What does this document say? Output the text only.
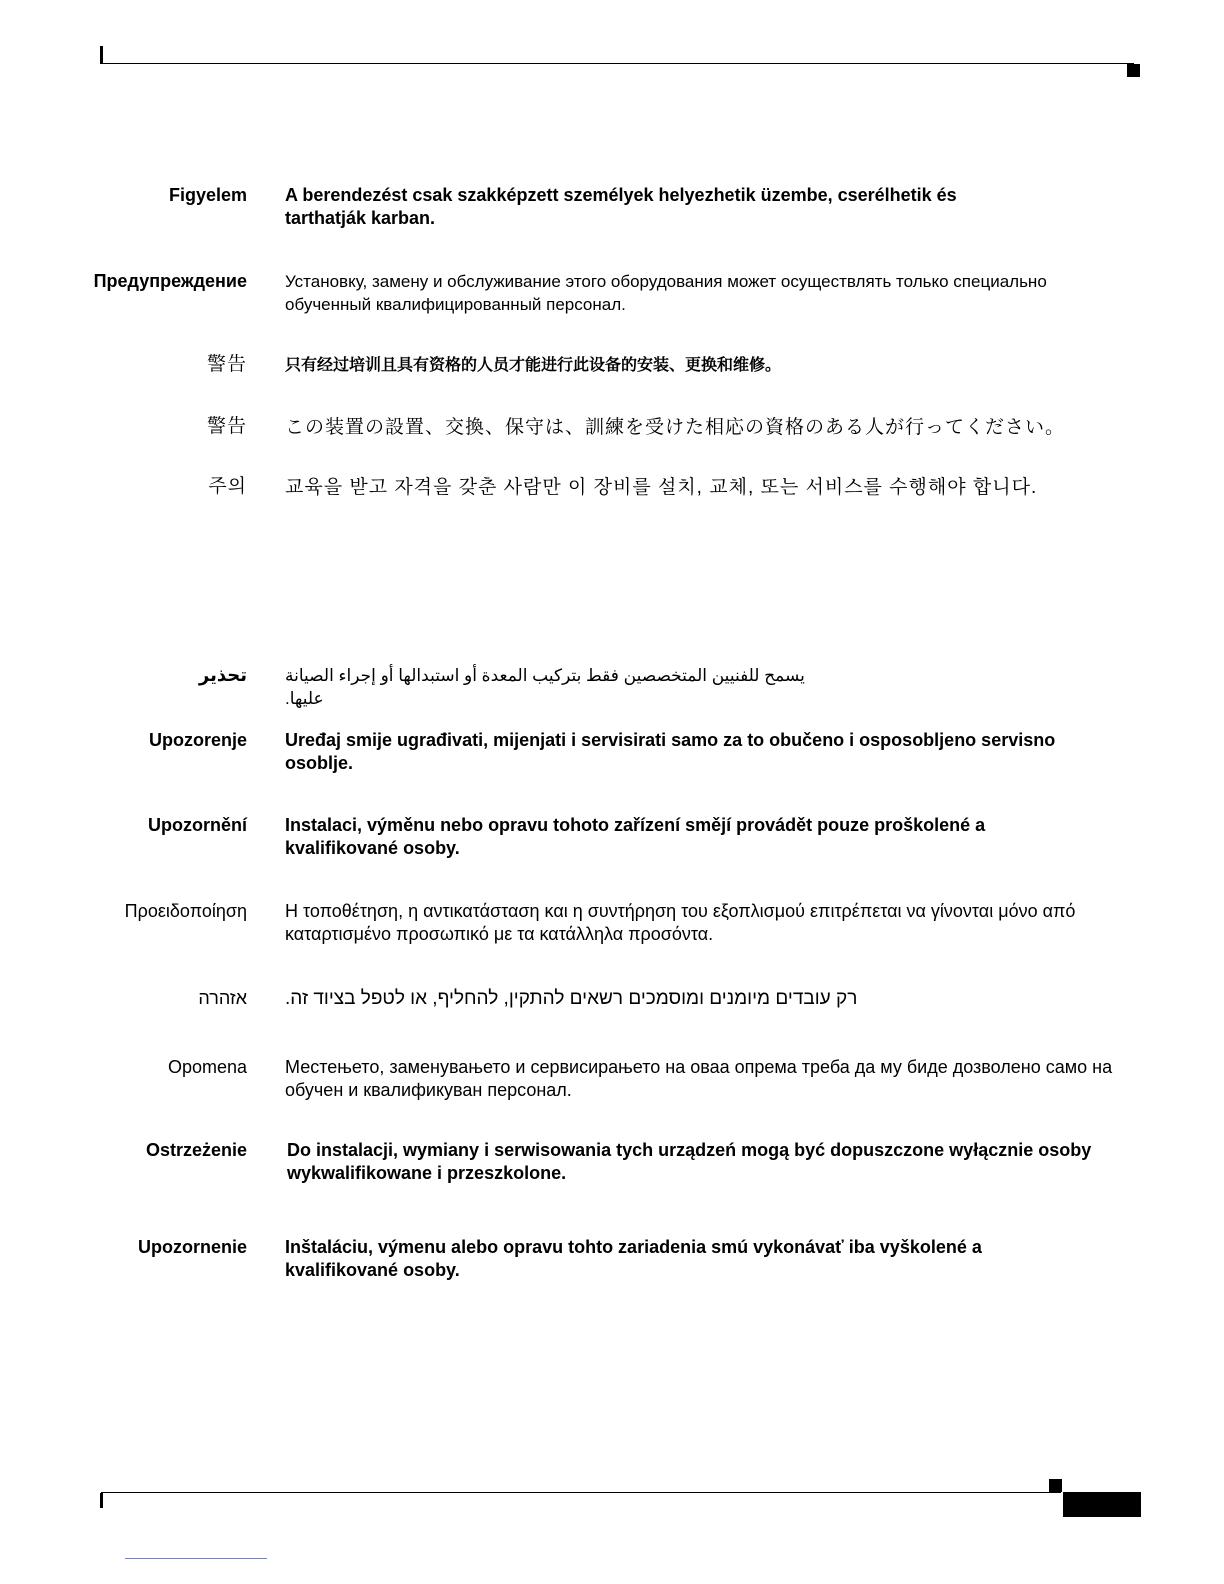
Figyelem A berendezést csak szakképzett személyek helyezhetik üzembe, cserélhetik és tarthatják karban.
Предупреждение Установку, замену и обслуживание этого оборудования может осуществлять только специально обученный квалифицированный персонал.
警告 只有经过培训且具有资格的人员才能进行此设备的安装、更换和维修。
警告 この装置の設置、交換、保守は、訓練を受けた相応の資格のある人が行ってください。
주의 교육을 받고 자격을 갖춘 사람만 이 장비를 설치, 교체, 또는 서비스를 수행해야 합니다.
تحذير يسمح للفنيين المتخصصين فقط بتركيب المعدة أو استبدالها أو إجراء الصيانة عليها.
Upozorenje Uređaj smije ugrađivati, mijenjati i servisirati samo za to obučeno i osposobljeno servisno osoblje.
Upozornění Instalaci, výměnu nebo opravu tohoto zařízení smějí provádět pouze proškolené a kvalifikované osoby.
Προειδοποίηση Η τοποθέτηση, η αντικατάσταση και η συντήρηση του εξοπλισμού επιτρέπεται να γίνονται μόνο από καταρτισμένο προσωπικό με τα κατάλληλα προσόντα.
אזהרה רק עובדים מיומנים ומוסמכים רשאים להתקין, להחליף, או לטפל בציוד זה.
Opomena Местењето, заменувањето и сервисирањето на оваа опрема треба да му биде дозволено само на обучен и квалификуван персонал.
Ostrzeżenie Do instalacji, wymiany i serwisowania tych urządzeń mogą być dopuszczone wyłącznie osoby wykwalifikowane i przeszkolone.
Upozornenie Inštaláciu, výmenu alebo opravu tohto zariadenia smú vykonávať iba vyškolené a kvalifikované osoby.
